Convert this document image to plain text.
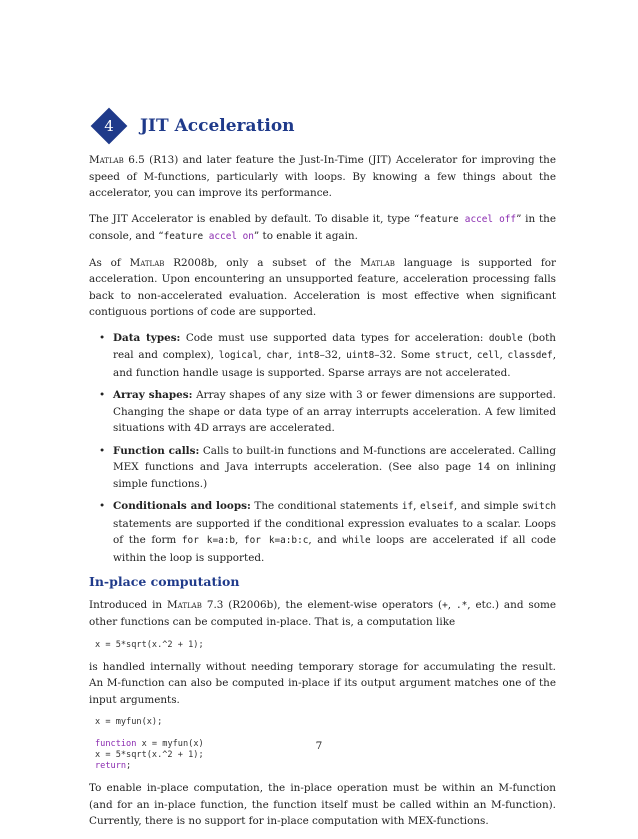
4	JIT Acceleration

Matlab 6.5 (R13) and later feature the Just-In-Time (JIT) Accelerator for improving the speed of M-functions, particularly with loops. By knowing a few things about the accelerator, you can improve its performance.

The JIT Accelerator is enabled by default. To disable it, type “feature accel off” in the console, and “feature accel on” to enable it again.

As of Matlab R2008b, only a subset of the Matlab language is supported for acceleration. Upon encountering an unsupported feature, acceleration processing falls back to non-accelerated evaluation. Acceleration is most effective when significant contiguous portions of code are supported.

• Data types: Code must use supported data types for acceleration: double (both real and complex), logical, char, int8–32, uint8–32. Some struct, cell, classdef, and function handle usage is supported. Sparse arrays are not accelerated.
• Array shapes: Array shapes of any size with 3 or fewer dimensions are supported. Changing the shape or data type of an array interrupts acceleration. A few limited situations with 4D arrays are accelerated.
• Function calls: Calls to built-in functions and M-functions are accelerated. Calling MEX functions and Java interrupts acceleration. (See also page 14 on inlining simple functions.)
• Conditionals and loops: The conditional statements if, elseif, and simple switch statements are supported if the conditional expression evaluates to a scalar. Loops of the form for k=a:b, for k=a:b:c, and while loops are accelerated if all code within the loop is supported.
In-place computation

Introduced in Matlab 7.3 (R2006b), the element-wise operators (+, .*, etc.) and some other functions can be computed in-place. That is, a computation like

x = 5*sqrt(x.^2 + 1);

is handled internally without needing temporary storage for accumulating the result. An M-function can also be computed in-place if its output argument matches one of the input arguments.

x = myfun(x);

function x = myfun(x)
x = 5*sqrt(x.^2 + 1);
return;

To enable in-place computation, the in-place operation must be within an M-function (and for an in-place function, the function itself must be called within an M-function). Currently, there is no support for in-place computation with MEX-functions.

7
